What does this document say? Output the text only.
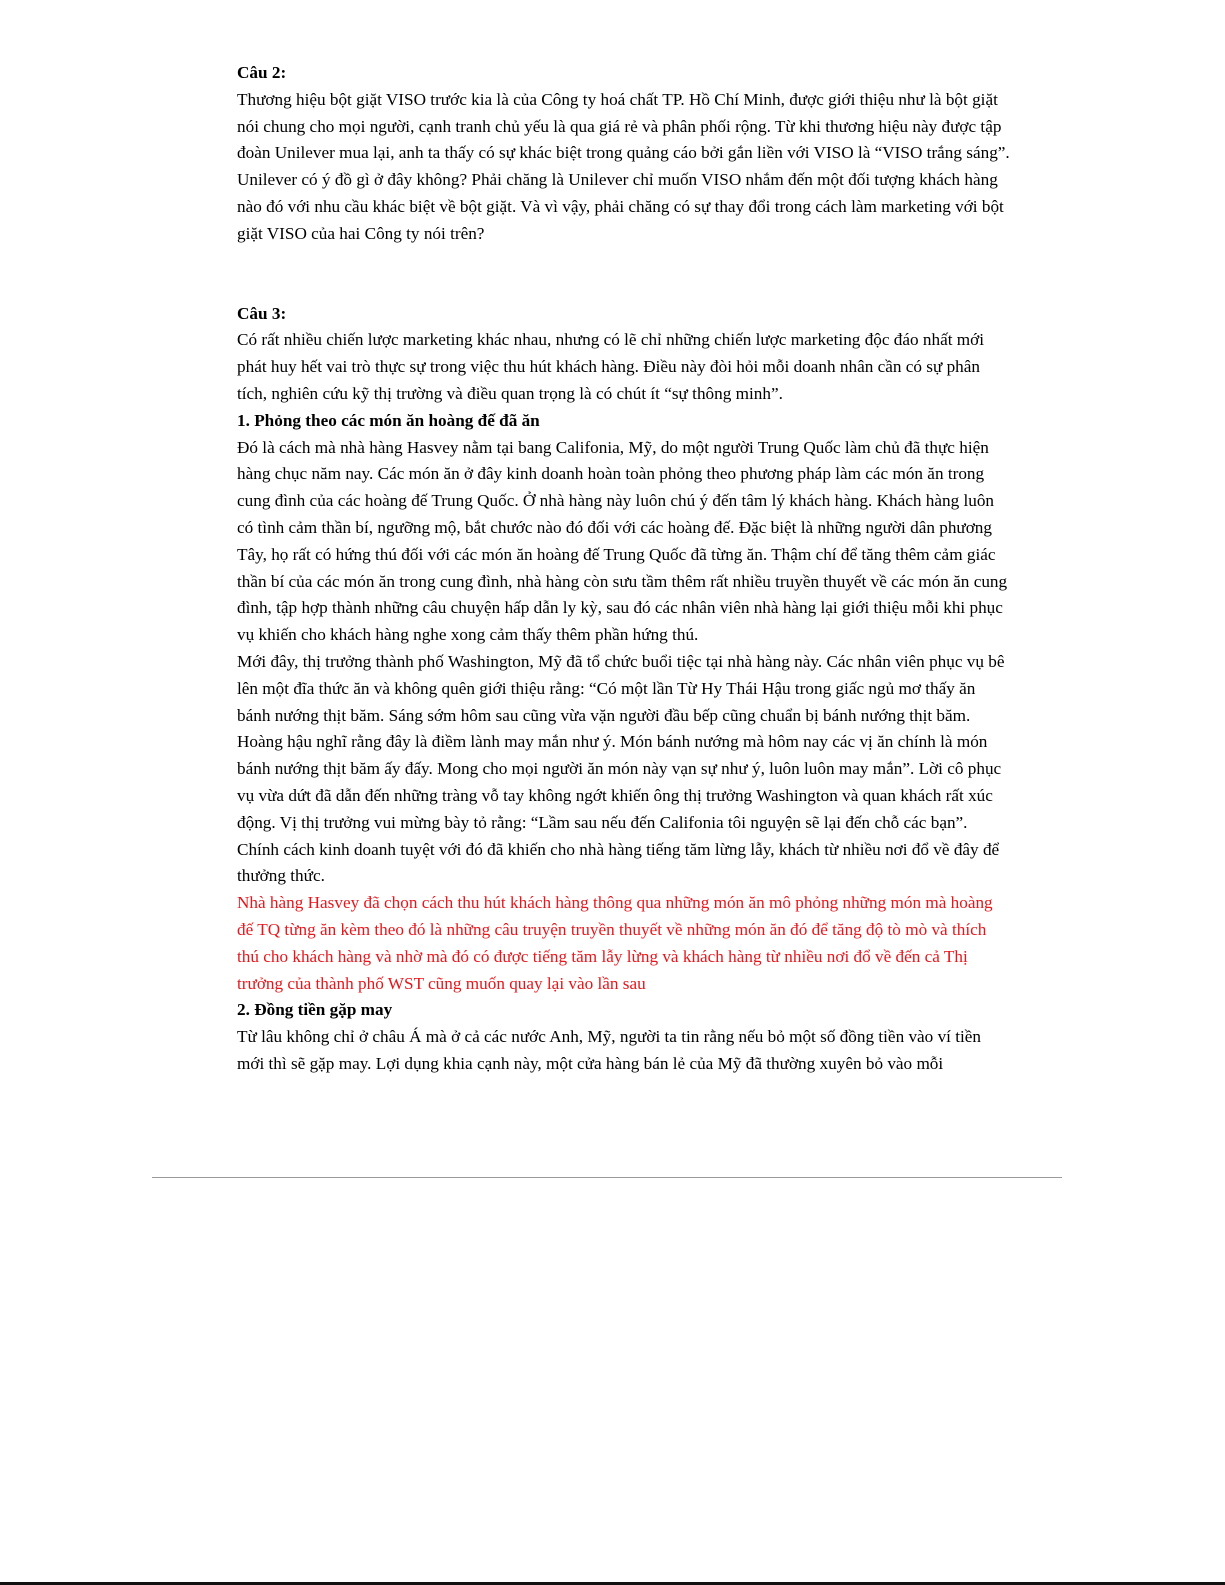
Câu 2:

Thương hiệu bột giặt VISO trước kia là của Công ty hoá chất TP. Hồ Chí Minh, được giới thiệu như là bột giặt nói chung cho mọi người, cạnh tranh chủ yếu là qua giá rẻ và phân phối rộng. Từ khi thương hiệu này được tập đoàn Unilever mua lại, anh ta thấy có sự khác biệt trong quảng cáo bởi gắn liền với VISO là “VISO trắng sáng”. Unilever có ý đồ gì ở đây không? Phải chăng là Unilever chỉ muốn VISO nhắm đến một đối tượng khách hàng nào đó với nhu cầu khác biệt về bột giặt. Và vì vậy, phải chăng có sự thay đổi trong cách làm marketing với bột giặt VISO của hai Công ty nói trên?

Câu 3:

Có rất nhiều chiến lược marketing khác nhau, nhưng có lẽ chỉ những chiến lược marketing độc đáo nhất mới phát huy hết vai trò thực sự trong việc thu hút khách hàng. Điều này đòi hỏi mỗi doanh nhân cần có sự phân tích, nghiên cứu kỹ thị trường và điều quan trọng là có chút ít “sự thông minh”.

1. Phỏng theo các món ăn hoàng đế đã ăn

Đó là cách mà nhà hàng Hasvey nằm tại bang Califonia, Mỹ, do một người Trung Quốc làm chủ đã thực hiện hàng chục năm nay. Các món ăn ở đây kinh doanh hoàn toàn phỏng theo phương pháp làm các món ăn trong cung đình của các hoàng đế Trung Quốc. Ở nhà hàng này luôn chú ý đến tâm lý khách hàng. Khách hàng luôn có tình cảm thần bí, ngưỡng mộ, bắt chước nào đó đối với các hoàng đế. Đặc biệt là những người dân phương Tây, họ rất có hứng thú đối với các món ăn hoàng đế Trung Quốc đã từng ăn. Thậm chí để tăng thêm cảm giác thần bí của các món ăn trong cung đình, nhà hàng còn sưu tầm thêm rất nhiều truyền thuyết về các món ăn cung đình, tập hợp thành những câu chuyện hấp dẫn ly kỳ, sau đó các nhân viên nhà hàng lại giới thiệu mỗi khi phục vụ khiến cho khách hàng nghe xong cảm thấy thêm phần hứng thú.

Mới đây, thị trưởng thành phố Washington, Mỹ đã tổ chức buổi tiệc tại nhà hàng này. Các nhân viên phục vụ bê lên một đĩa thức ăn và không quên giới thiệu rằng: “Có một lần Từ Hy Thái Hậu trong giấc ngủ mơ thấy ăn bánh nướng thịt băm. Sáng sớm hôm sau cũng vừa vặn người đầu bếp cũng chuẩn bị bánh nướng thịt băm. Hoàng hậu nghĩ rằng đây là điềm lành may mắn như ý. Món bánh nướng mà hôm nay các vị ăn chính là món bánh nướng thịt băm ấy đấy. Mong cho mọi người ăn món này vạn sự như ý, luôn luôn may mắn”. Lời cô phục vụ vừa dứt đã dẫn đến những tràng vỗ tay không ngớt khiến ông thị trưởng Washington và quan khách rất xúc động. Vị thị trưởng vui mừng bày tỏ rằng: “Lầm sau nếu đến Califonia tôi nguyện sẽ lại đến chỗ các bạn”.

Chính cách kinh doanh tuyệt với đó đã khiến cho nhà hàng tiếng tăm lừng lẫy, khách từ nhiều nơi đổ về đây để thưởng thức.

Nhà hàng Hasvey đã chọn cách thu hút khách hàng thông qua những món ăn mô phỏng những món mà hoàng đế TQ từng ăn kèm theo đó là những câu truyện truyền thuyết về những món ăn đó để tăng độ tò mò và thích thú cho khách hàng và nhờ mà đó có được tiếng tăm lẫy lừng và khách hàng từ nhiều nơi đổ về đến cả Thị trưởng của thành phố WST cũng muốn quay lại vào lần sau

2. Đồng tiền gặp may

Từ lâu không chỉ ở châu Á mà ở cả các nước Anh, Mỹ, người ta tin rằng nếu bỏ một số đồng tiền vào ví tiền mới thì sẽ gặp may. Lợi dụng khia cạnh này, một cửa hàng bán lẻ của Mỹ đã thường xuyên bỏ vào mỗi
